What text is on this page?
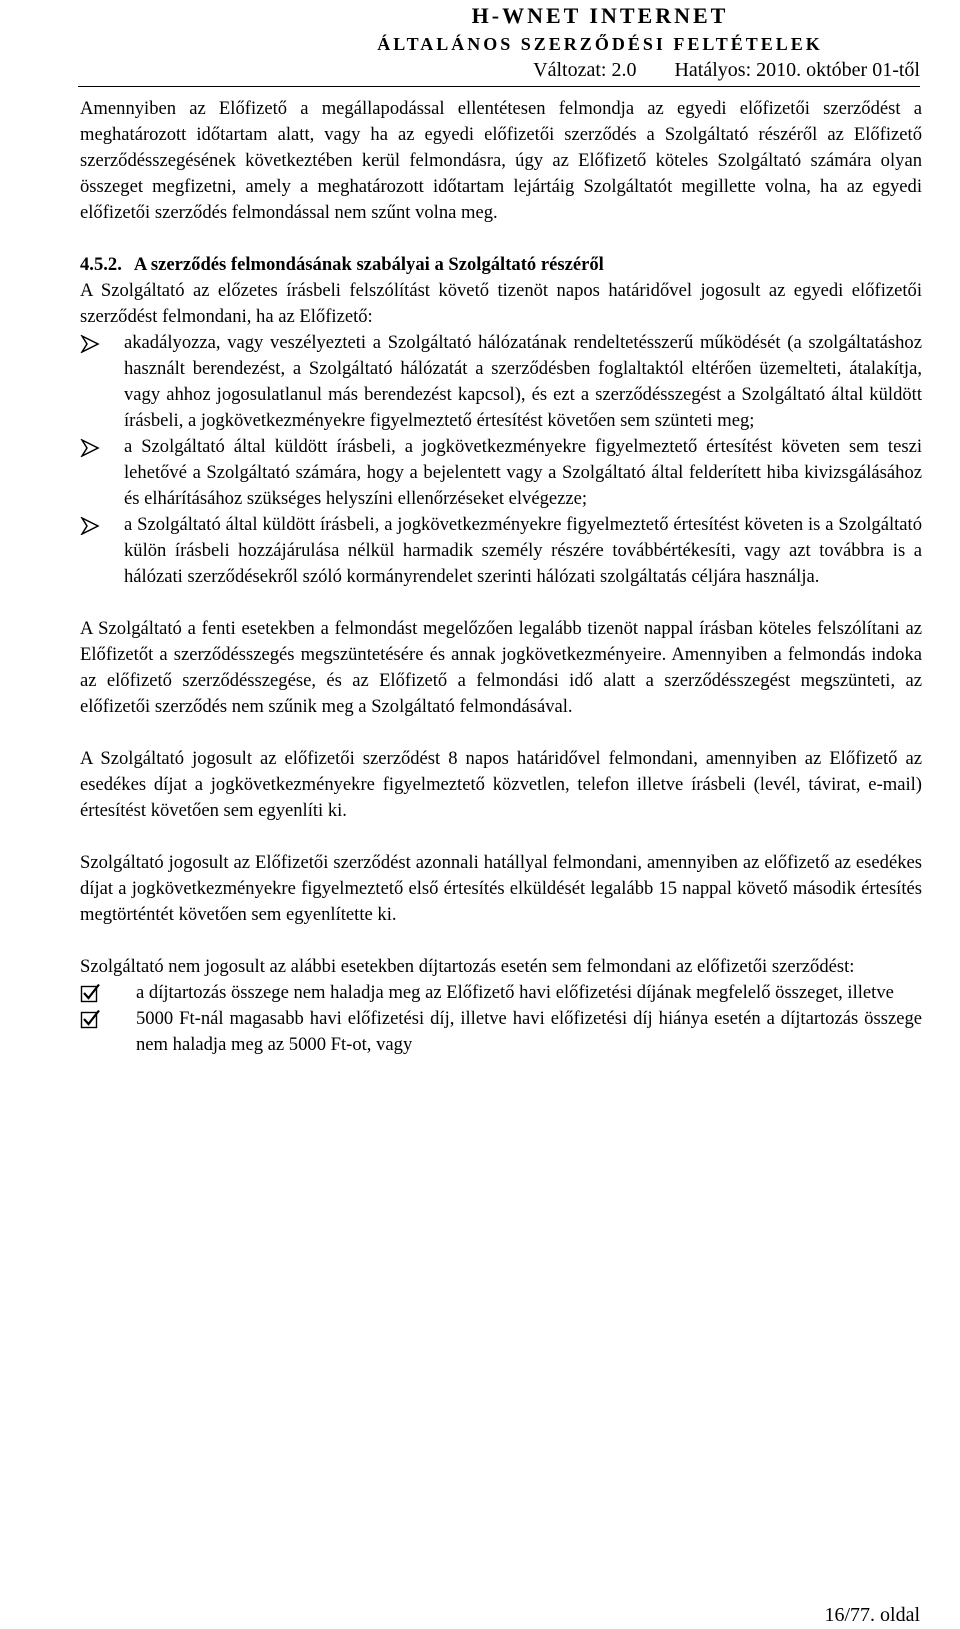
H-WNET INTERNET
ÁLTALÁNOS SZERZŐDÉSI FELTÉTELEK
Változat: 2.0 Hatályos: 2010. október 01-től

Amennyiben az Előfizető a megállapodással ellentétesen felmondja az egyedi előfizetői szerződést a meghatározott időtartam alatt, vagy ha az egyedi előfizetői szerződés a Szolgáltató részéről az Előfizető szerződésszegésének következtében kerül felmondásra, úgy az Előfizető köteles Szolgáltató számára olyan összeget megfizetni, amely a meghatározott időtartam lejártáig Szolgáltatót megillette volna, ha az egyedi előfizetői szerződés felmondással nem szűnt volna meg.

4.5.2. A szerződés felmondásának szabályai a Szolgáltató részéről

A Szolgáltató az előzetes írásbeli felszólítást követő tizenöt napos határidővel jogosult az egyedi előfizetői szerződést felmondani, ha az Előfizető:

akadályozza, vagy veszélyezteti a Szolgáltató hálózatának rendeltetésszerű működését (a szolgáltatáshoz használt berendezést, a Szolgáltató hálózatát a szerződésben foglaltaktól eltérően üzemelteti, átalakítja, vagy ahhoz jogosulatlanul más berendezést kapcsol), és ezt a szerződésszegést a Szolgáltató által küldött írásbeli, a jogkövetkezményekre figyelmeztető értesítést követően sem szünteti meg;
a Szolgáltató által küldött írásbeli, a jogkövetkezményekre figyelmeztető értesítést követen sem teszi lehetővé a Szolgáltató számára, hogy a bejelentett vagy a Szolgáltató által felderített hiba kivizsgálásához és elhárításához szükséges helyszíni ellenőrzéseket elvégezze;
a Szolgáltató által küldött írásbeli, a jogkövetkezményekre figyelmeztető értesítést követen is a Szolgáltató külön írásbeli hozzájárulása nélkül harmadik személy részére továbbértékesíti, vagy azt továbbra is a hálózati szerződésekről szóló kormányrendelet szerinti hálózati szolgáltatás céljára használja.

A Szolgáltató a fenti esetekben a felmondást megelőzően legalább tizenöt nappal írásban köteles felszólítani az Előfizetőt a szerződésszegés megszüntetésére és annak jogkövetkezményeire. Amennyiben a felmondás indoka az előfizető szerződésszegése, és az Előfizető a felmondási idő alatt a szerződésszegést megszünteti, az előfizetői szerződés nem szűnik meg a Szolgáltató felmondásával.

A Szolgáltató jogosult az előfizetői szerződést 8 napos határidővel felmondani, amennyiben az Előfizető az esedékes díjat a jogkövetkezményekre figyelmeztető közvetlen, telefon illetve írásbeli (levél, távirat, e-mail) értesítést követően sem egyenlíti ki.

Szolgáltató jogosult az Előfizetői szerződést azonnali hatállyal felmondani, amennyiben az előfizető az esedékes díjat a jogkövetkezményekre figyelmeztető első értesítés elküldését legalább 15 nappal követő második értesítés megtörténtét követően sem egyenlítette ki.

Szolgáltató nem jogosult az alábbi esetekben díjtartozás esetén sem felmondani az előfizetői szerződést:

a díjtartozás összege nem haladja meg az Előfizető havi előfizetési díjának megfelelő összeget, illetve
5000 Ft-nál magasabb havi előfizetési díj, illetve havi előfizetési díj hiánya esetén a díjtartozás összege nem haladja meg az 5000 Ft-ot, vagy
16/77. oldal
